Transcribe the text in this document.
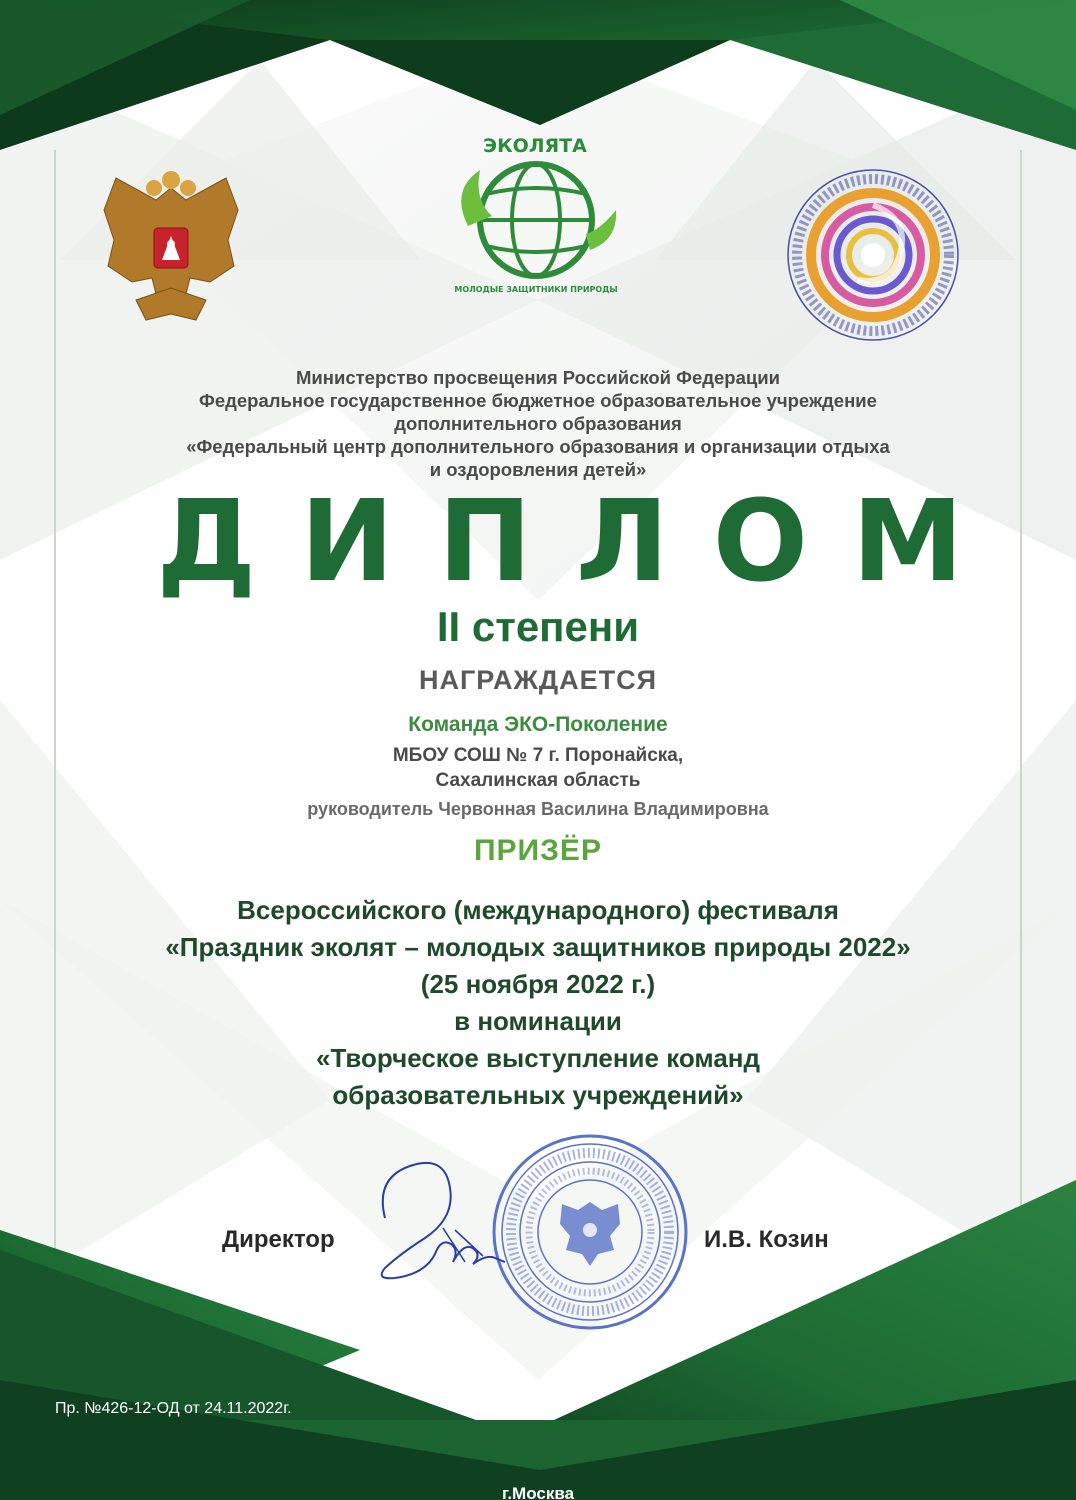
ЭКОЛЯТА
МОЛОДЫЕ ЗАЩИТНИКИ ПРИРОДЫ
Министерство просвещения Российской Федерации
Федеральное государственное бюджетное образовательное учреждение
дополнительного образования
«Федеральный центр дополнительного образования и организации отдыха
и оздоровления детей»
ДИПЛОМ
II степени
НАГРАЖДАЕТСЯ
Команда ЭКО-Поколение
МБОУ СОШ № 7 г. Поронайска,
Сахалинская область
руководитель Червонная Василина Владимировна
ПРИЗЁР
Всероссийского (международного) фестиваля
«Праздник эколят – молодых защитников природы 2022»
(25 ноября 2022 г.)
в номинации
«Творческое выступление команд
образовательных учреждений»
Директор	И.В. Козин
Пр. №426-12-ОД от 24.11.2022г.
г.Москва
